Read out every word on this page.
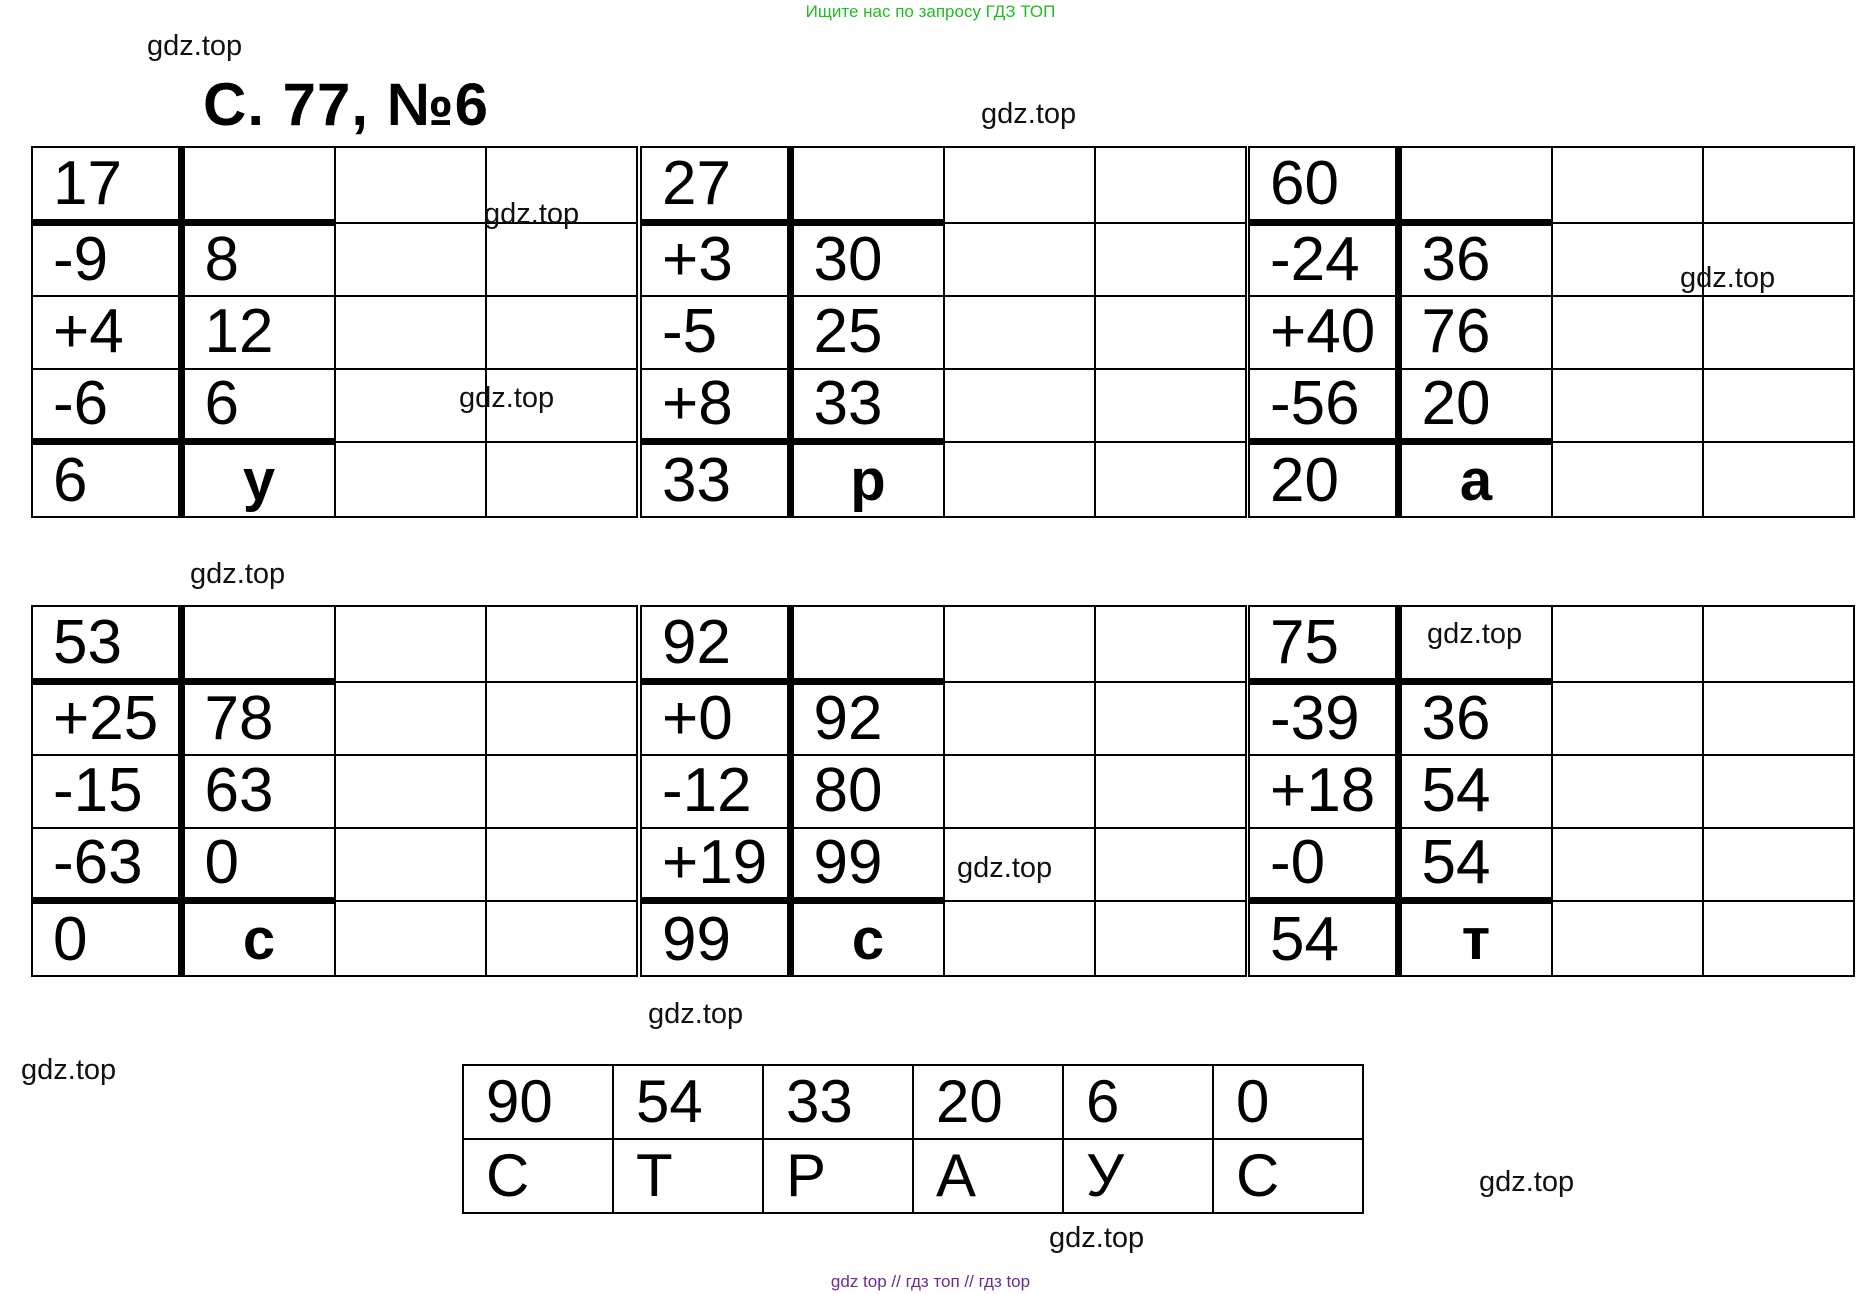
Ищите нас по запросу ГДЗ ТОП
С. 77, №6
17			
-9	8		
+4	12		
-6	6		
6	у		
27			
+3	30		
-5	25		
+8	33		
33	р		
60			
-24	36		
+40	76		
-56	20		
20	а		
53			
+25	78		
-15	63		
-63	0		
0	с		
92			
+0	92		
-12	80		
+19	99		
99	с		
75			
-39	36		
+18	54		
-0	54		
54	т		
90	54	33	20	6	0
С	Т	Р	А	У	С
gdz.top
gdz.top
gdz.top
gdz.top
gdz.top
gdz.top
gdz.top
gdz.top
gdz.top
gdz.top
gdz.top
gdz.top
gdz top // гдз топ // гдз top
